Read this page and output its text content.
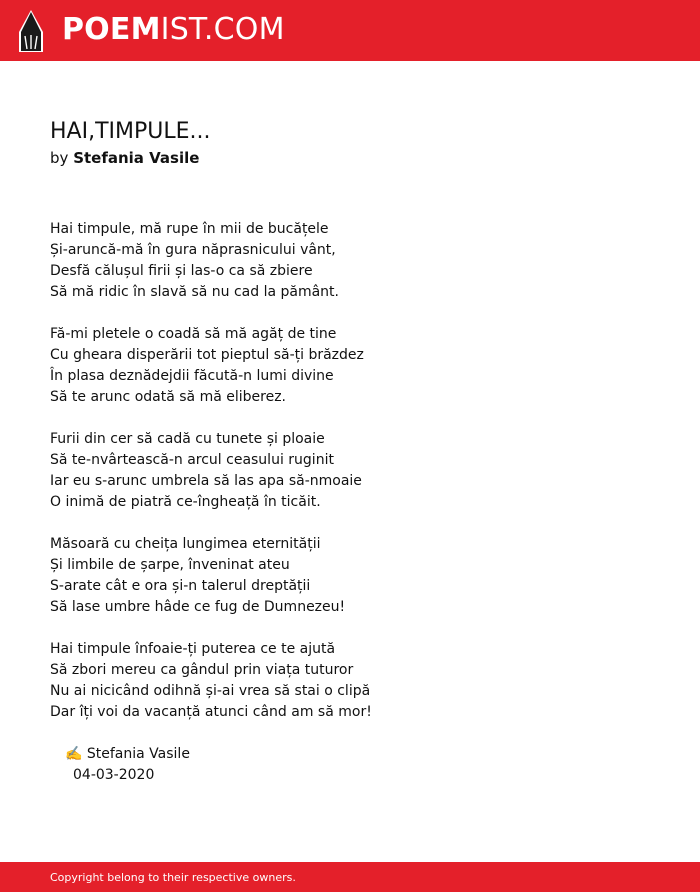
POEMIST.COM
HAI,TIMPULE...
by Stefania Vasile
Hai timpule, mă rupe în mii de bucățele
Și-aruncă-mă în gura năprasnicului vânt,
Desfă călușul firii și las-o ca să zbiere
Să mă ridic în slavă să nu cad la pământ.
Fă-mi pletele o coadă să mă agăț de tine
Cu gheara disperării tot pieptul să-ți brăzdez
În plasa deznădejdii făcută-n lumi divine
Să te arunc odată să mă eliberez.
Furii din cer să cadă cu tunete și ploaie
Să te-nvârtească-n arcul ceasului ruginit
Iar eu s-arunc umbrela să las apa să-nmoaie
O inimă de piatră ce-îngheață în ticăit.
Măsoară cu cheița lungimea eternității
Și limbile de șarpe, înveninat ateu
S-arate cât e ora și-n talerul dreptății
Să lase umbre hâde ce fug de Dumnezeu!
Hai timpule înfoaie-ți puterea ce te ajută
Să zbori mereu ca gândul prin viața tuturor
Nu ai nicicând odihnă și-ai vrea să stai o clipă
Dar îți voi da vacanță atunci când am să mor!
✍️ Stefania Vasile
04-03-2020
Copyright belong to their respective owners.
